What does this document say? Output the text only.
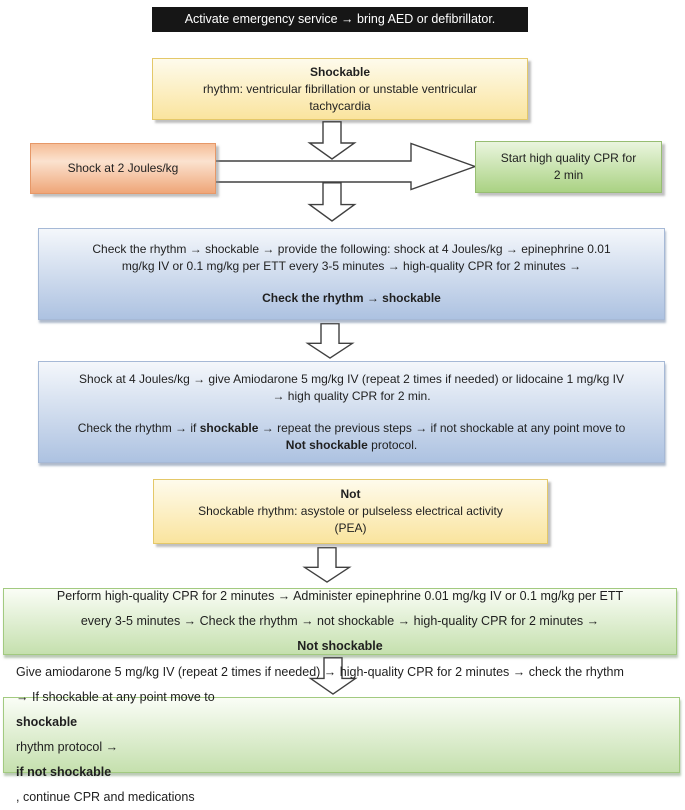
Activate emergency service → bring AED or defibrillator.
Shockable
rhythm: ventricular fibrillation or unstable ventricular tachycardia
Shock at 2 Joules/kg
Start high quality CPR for 2 min
Check the rhythm → shockable → provide the following: shock at 4 Joules/kg → epinephrine 0.01 mg/kg IV or 0.1 mg/kg per ETT every 3-5 minutes → high-quality CPR for 2 minutes →
Check the rhythm → shockable
Shock at 4 Joules/kg → give Amiodarone 5 mg/kg IV (repeat 2 times if needed) or lidocaine 1 mg/kg IV → high quality CPR for 2 min.
Check the rhythm → if shockable → repeat the previous steps → if not shockable at any point move to Not shockable protocol.
Not
Shockable rhythm: asystole or pulseless electrical activity (PEA)
Perform high-quality CPR for 2 minutes → Administer epinephrine 0.01 mg/kg IV or 0.1 mg/kg per ETT every 3-5 minutes → Check the rhythm → not shockable → high-quality CPR for 2 minutes →
Not shockable
Give amiodarone 5 mg/kg IV (repeat 2 times if needed) → high-quality CPR for 2 minutes → check the rhythm → If shockable at any point move to
shockable
rhythm protocol →
if not shockable
, continue CPR and medications
